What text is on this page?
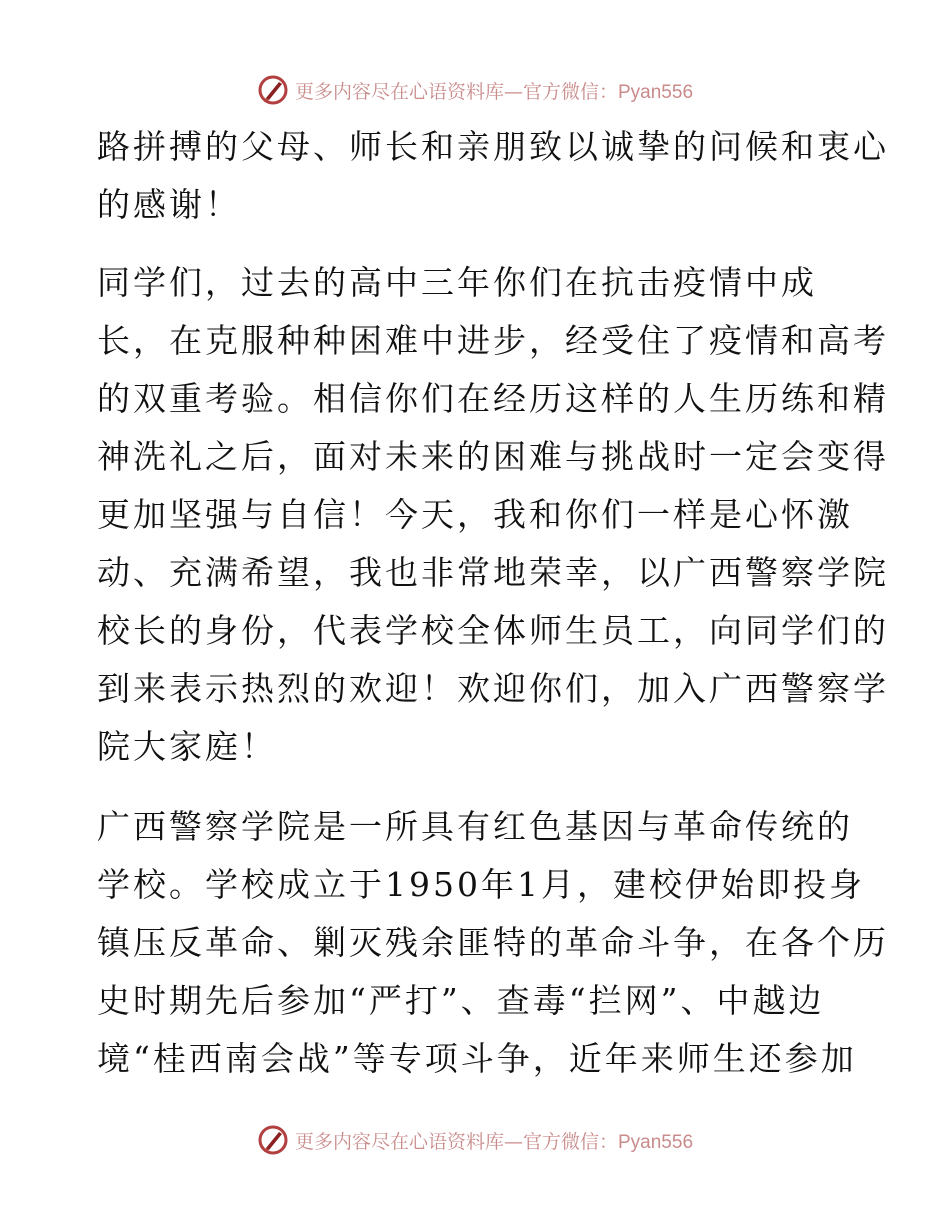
更多内容尽在心语资料库—官方微信：Pyan556
路拼搏的父母、师长和亲朋致以诚挚的问候和衷心
的感谢！
同学们，过去的高中三年你们在抗击疫情中成
长，在克服种种困难中进步，经受住了疫情和高考
的双重考验。相信你们在经历这样的人生历练和精
神洗礼之后，面对未来的困难与挑战时一定会变得
更加坚强与自信！今天，我和你们一样是心怀激
动、充满希望，我也非常地荣幸，以广西警察学院
校长的身份，代表学校全体师生员工，向同学们的
到来表示热烈的欢迎！欢迎你们，加入广西警察学
院大家庭！
广西警察学院是一所具有红色基因与革命传统的
学校。学校成立于1950年1月，建校伊始即投身
镇压反革命、剿灭残余匪特的革命斗争，在各个历
史时期先后参加“严打”、查毒“拦网”、中越边
境“桂西南会战”等专项斗争，近年来师生还参加
更多内容尽在心语资料库—官方微信：Pyan556
